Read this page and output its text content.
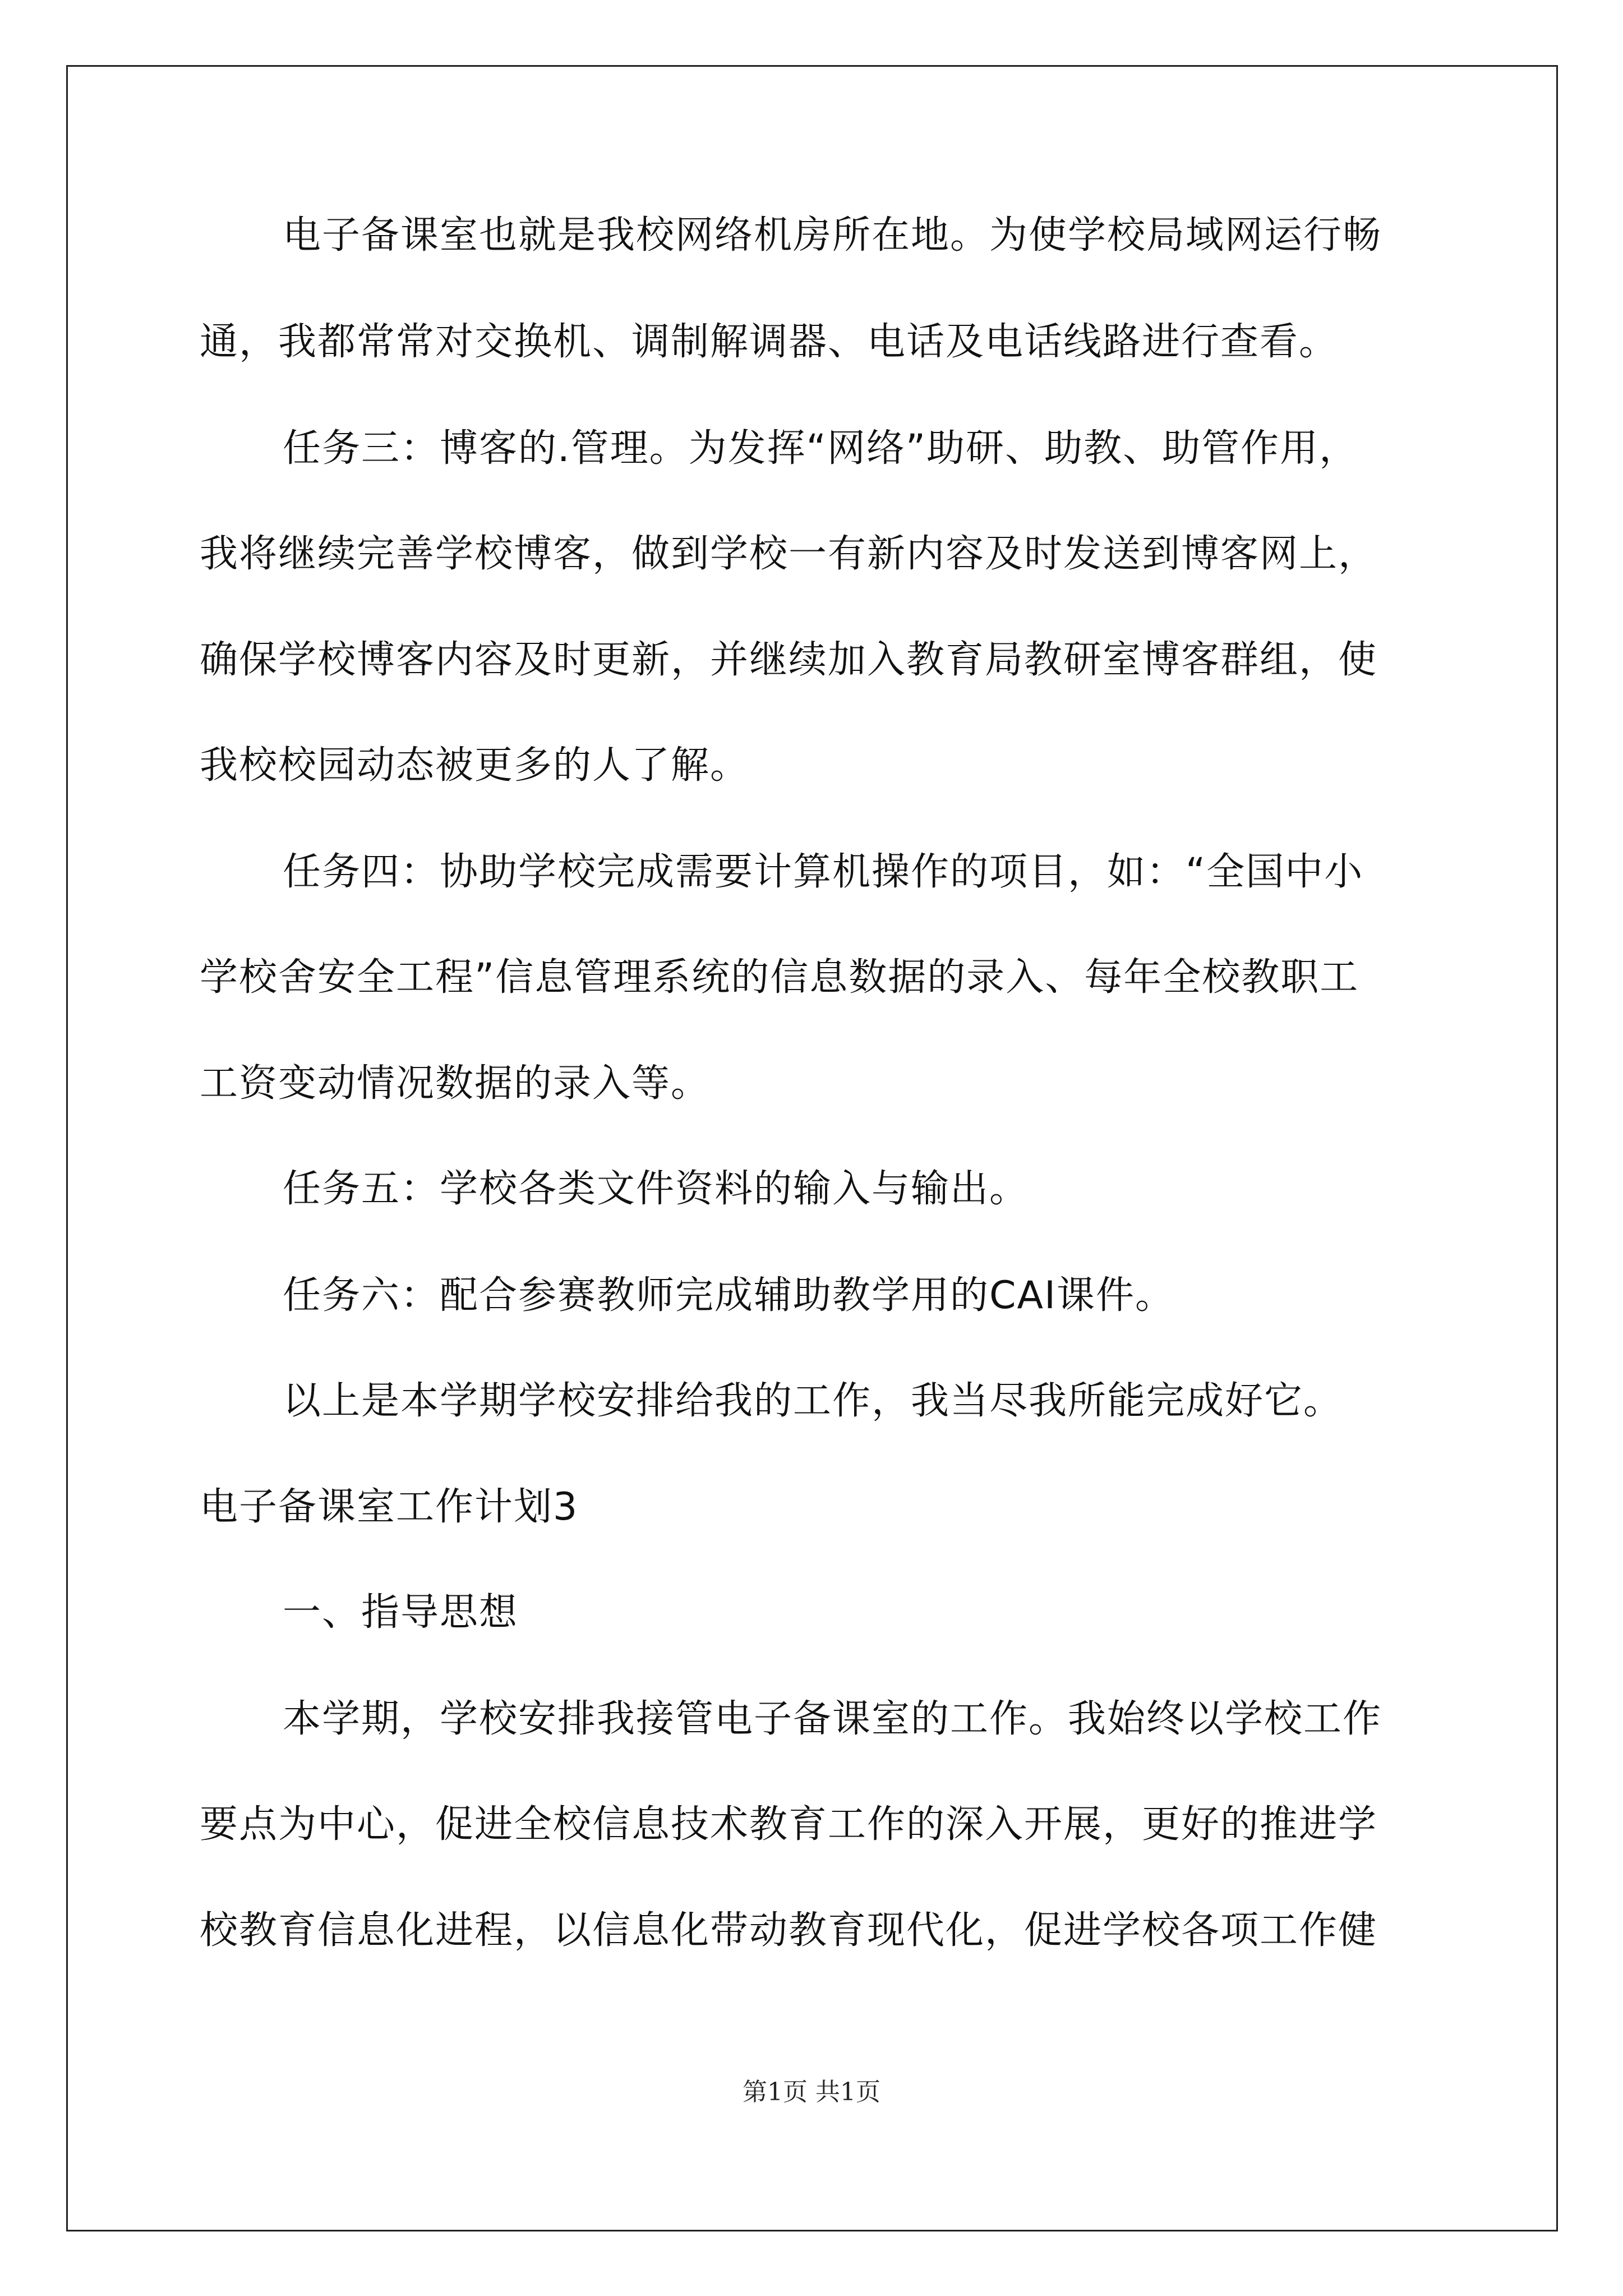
电子备课室也就是我校网络机房所在地。为使学校局域网运行畅
通，我都常常对交换机、调制解调器、电话及电话线路进行查看。
任务三：博客的.管理。为发挥“网络”助研、助教、助管作用，
我将继续完善学校博客，做到学校一有新内容及时发送到博客网上，
确保学校博客内容及时更新，并继续加入教育局教研室博客群组，使
我校校园动态被更多的人了解。
任务四：协助学校完成需要计算机操作的项目，如：“全国中小
学校舍安全工程”信息管理系统的信息数据的录入、每年全校教职工
工资变动情况数据的录入等。
任务五：学校各类文件资料的输入与输出。
任务六：配合参赛教师完成辅助教学用的CAI课件。
以上是本学期学校安排给我的工作，我当尽我所能完成好它。
电子备课室工作计划3
一、指导思想
本学期，学校安排我接管电子备课室的工作。我始终以学校工作
要点为中心，促进全校信息技术教育工作的深入开展，更好的推进学
校教育信息化进程，以信息化带动教育现代化，促进学校各项工作健
第1页 共1页
